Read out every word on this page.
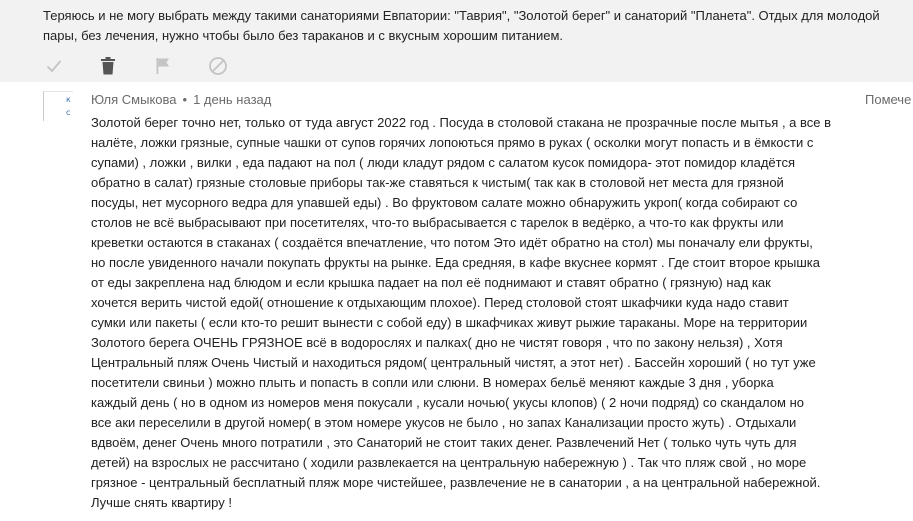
Теряюсь и не могу выбрать между такими санаториями Евпатории: "Таврия", "Золотой берег" и санаторий "Планета". Отдых для молодой пары, без лечения, нужно чтобы было без тараканов и с вкусным хорошим питанием.
к
с
Юля Смыкова • 1 день назад	Помече
Золотой берег точно нет, только от туда август 2022 год . Посуда в столовой стакана не прозрачные после мытья , а все в
налёте, ложки грязные, супные чашки от супов горячих лопоються прямо в руках ( осколки могут попасть и в ёмкости с
супами) , ложки , вилки , еда падают на пол ( люди кладут рядом с салатом кусок помидора- этот помидор кладётся
обратно в салат) грязные столовые приборы так-же ставяться к чистым( так как в столовой нет места для грязной
посуды, нет мусорного ведра для упавшей еды) . Во фруктовом салате можно обнаружить укроп( когда собирают со
столов не всё выбрасывают при посетителях, что-то выбрасывается с тарелок в ведёрко, а что-то как фрукты или
креветки остаются в стаканах ( создаётся впечатление, что потом Это идёт обратно на стол) мы поначалу ели фрукты,
но после увиденного начали покупать фрукты на рынке. Еда средняя, в кафе вкуснее кормят . Где стоит второе крышка
от еды закреплена над блюдом и если крышка падает на пол её поднимают и ставят обратно ( грязную) над как
хочется верить чистой едой( отношение к отдыхающим плохое). Перед столовой стоят шкафчики куда надо ставит
сумки или пакеты ( если кто-то решит вынести с собой еду) в шкафчиках живут рыжие тараканы. Море на территории
Золотого берега ОЧЕНЬ ГРЯЗНОЕ всё в водорослях и палках( дно не чистят говоря , что по закону нельзя) , Хотя
Центральный пляж Очень Чистый и находиться рядом( центральный чистят, а этот нет) . Бассейн хороший ( но тут уже
посетители свиньи ) можно плыть и попасть в сопли или слюни. В номерах бельё меняют каждые 3 дня , уборка
каждый день ( но в одном из номеров меня покусали , кусали ночью( укусы клопов) ( 2 ночи подряд) со скандалом но
все аки переселили в другой номер( в этом номере укусов не было , но запах Канализации просто жуть) . Отдыхали
вдвоём, денег Очень много потратили , это Санаторий не стоит таких денег. Развлечений Нет ( только чуть чуть для
детей) на взрослых не рассчитано ( ходили развлекается на центральную набережную ) . Так что пляж свой , но море
грязное - центральный бесплатный пляж море чистейшее, развлечение не в санатории , а на центральной набережной.
Лучше снять квартиру !
